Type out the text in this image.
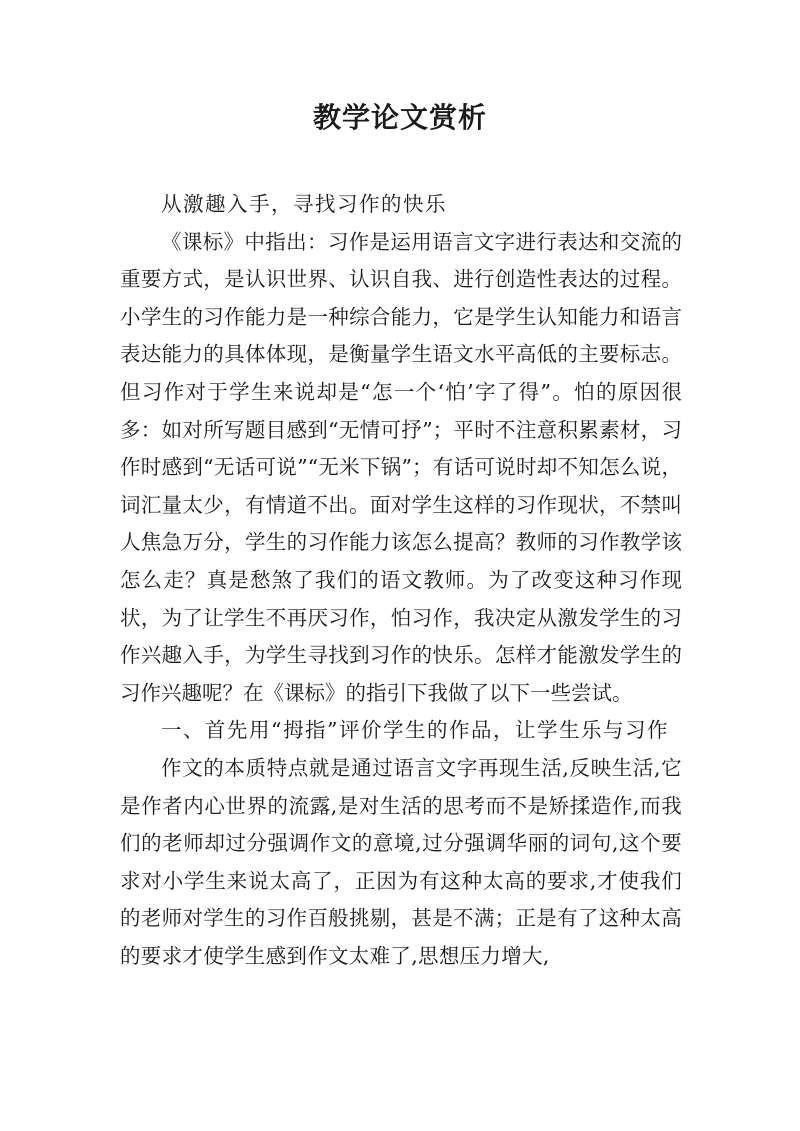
教学论文赏析

从激趣入手，寻找习作的快乐

《课标》中指出：习作是运用语言文字进行表达和交流的重要方式，是认识世界、认识自我、进行创造性表达的过程。小学生的习作能力是一种综合能力，它是学生认知能力和语言表达能力的具体体现，是衡量学生语文水平高低的主要标志。但习作对于学生来说却是“怎一个‘怕’字了得”。怕的原因很多：如对所写题目感到“无情可抒”；平时不注意积累素材，习作时感到“无话可说”“无米下锅”；有话可说时却不知怎么说，词汇量太少，有情道不出。面对学生这样的习作现状，不禁叫人焦急万分，学生的习作能力该怎么提高？教师的习作教学该怎么走？真是愁煞了我们的语文教师。为了改变这种习作现状，为了让学生不再厌习作，怕习作，我决定从激发学生的习作兴趣入手，为学生寻找到习作的快乐。怎样才能激发学生的习作兴趣呢？在《课标》的指引下我做了以下一些尝试。

一、首先用“拇指”评价学生的作品，让学生乐与习作

作文的本质特点就是通过语言文字再现生活,反映生活,它是作者内心世界的流露,是对生活的思考而不是矫揉造作,而我们的老师却过分强调作文的意境,过分强调华丽的词句,这个要求对小学生来说太高了，正因为有这种太高的要求,才使我们的老师对学生的习作百般挑剔，甚是不满；正是有了这种太高的要求才使学生感到作文太难了,思想压力增大,
